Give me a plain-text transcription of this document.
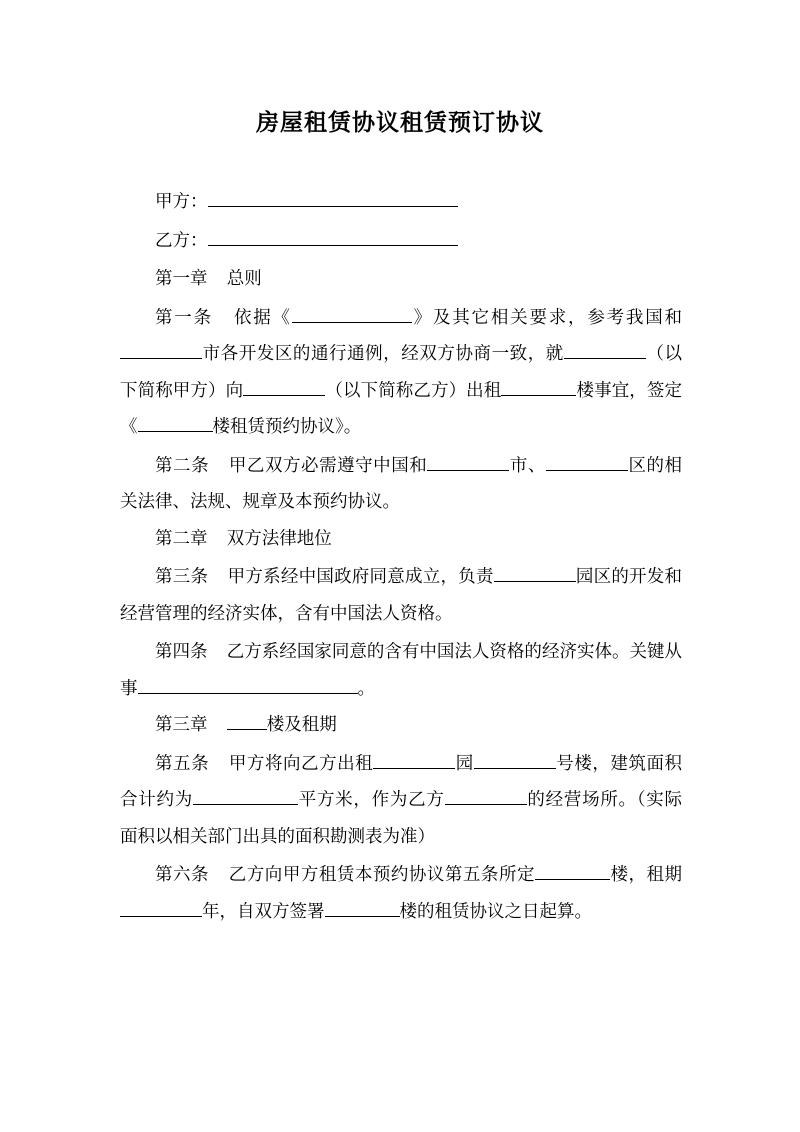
房屋租赁协议租赁预订协议

甲方：

乙方：

第一章 总则

第一条 依据《	》及其它相关要求，参考我国和市各开发区的通行通例，经双方协商一致，就	（以下简称甲方）向	（以下简称乙方）出租	楼事宜，签定《	楼租赁预约协议》。

第二条 甲乙双方必需遵守中国和	市、	区的相关法律、法规、规章及本预约协议。

第二章 双方法律地位

第三条 甲方系经中国政府同意成立，负责	园区的开发和经营管理的经济实体，含有中国法人资格。

第四条 乙方系经国家同意的含有中国法人资格的经济实体。关键从事	。

第三章	楼及租期

第五条 甲方将向乙方出租	园	号楼，建筑面积合计约为	平方米，作为乙方	的经营场所。（实际面积以相关部门出具的面积勘测表为准）

第六条 乙方向甲方租赁本预约协议第五条所定	楼，租期年，自双方签署	楼的租赁协议之日起算。
